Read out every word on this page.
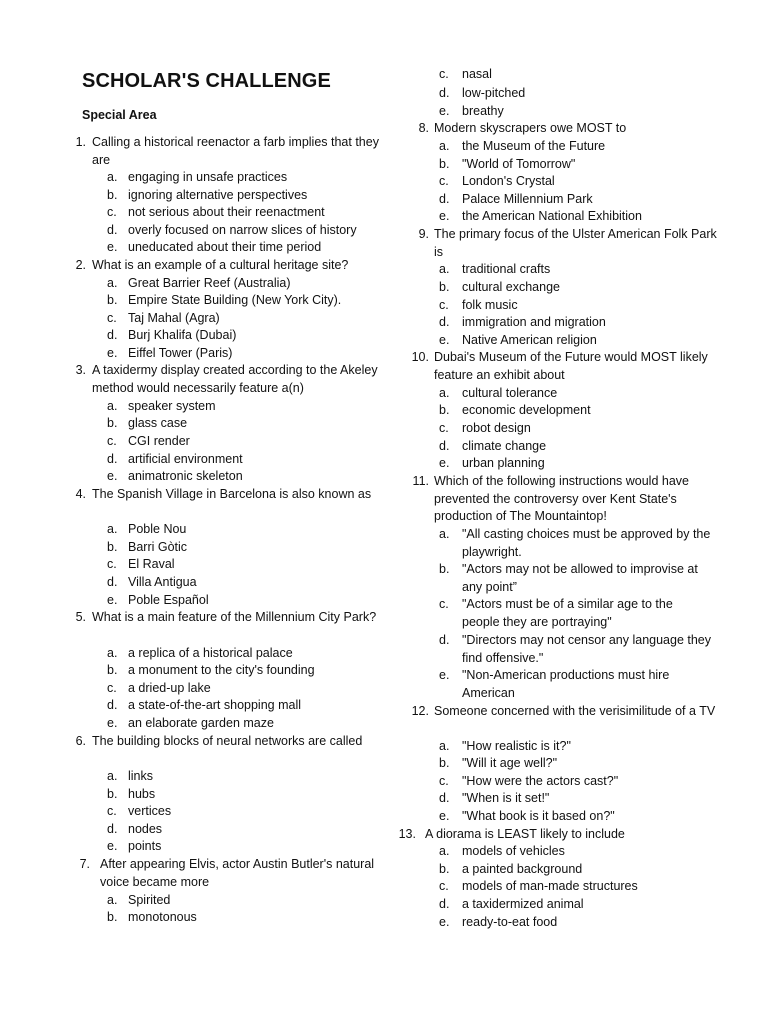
SCHOLAR'S CHALLENGE
Special Area
1. Calling a historical reenactor a farb implies that they are
a. engaging in unsafe practices
b. ignoring alternative perspectives
c. not serious about their reenactment
d. overly focused on narrow slices of history
e. uneducated about their time period
2. What is an example of a cultural heritage site?
a. Great Barrier Reef (Australia)
b. Empire State Building (New York City).
c. Taj Mahal (Agra)
d. Burj Khalifa (Dubai)
e. Eiffel Tower (Paris)
3. A taxidermy display created according to the Akeley method would necessarily feature a(n)
a. speaker system
b. glass case
c. CGI render
d. artificial environment
e. animatronic skeleton
4. The Spanish Village in Barcelona is also known as
a. Poble Nou
b. Barri Gòtic
c. El Raval
d. Villa Antigua
e. Poble Español
5. What is a main feature of the Millennium City Park?
a. a replica of a historical palace
b. a monument to the city's founding
c. a dried-up lake
d. a state-of-the-art shopping mall
e. an elaborate garden maze
6. The building blocks of neural networks are called
a. links
b. hubs
c. vertices
d. nodes
e. points
7. After appearing Elvis, actor Austin Butler's natural voice became more
a. Spirited
b. monotonous
c. nasal
d. low-pitched
e. breathy
8. Modern skyscrapers owe MOST to
a. the Museum of the Future
b. "World of Tomorrow"
c. London's Crystal
d. Palace Millennium Park
e. the American National Exhibition
9. The primary focus of the Ulster American Folk Park is
a. traditional crafts
b. cultural exchange
c. folk music
d. immigration and migration
e. Native American religion
10. Dubai's Museum of the Future would MOST likely feature an exhibit about
a. cultural tolerance
b. economic development
c. robot design
d. climate change
e. urban planning
11. Which of the following instructions would have prevented the controversy over Kent State's production of The Mountaintop!
a. "All casting choices must be approved by the playwright.
b. "Actors may not be allowed to improvise at any point”
c. "Actors must be of a similar age to the people they are portraying"
d. "Directors may not censor any language they find offensive."
e. "Non-American productions must hire American
12. Someone concerned with the verisimilitude of a TV
a. "How realistic is it?"
b. "Will it age well?"
c. "How were the actors cast?"
d. "When is it set!"
e. "What book is it based on?"
13. A diorama is LEAST likely to include
a. models of vehicles
b. a painted background
c. models of man-made structures
d. a taxidermized animal
e. ready-to-eat food
